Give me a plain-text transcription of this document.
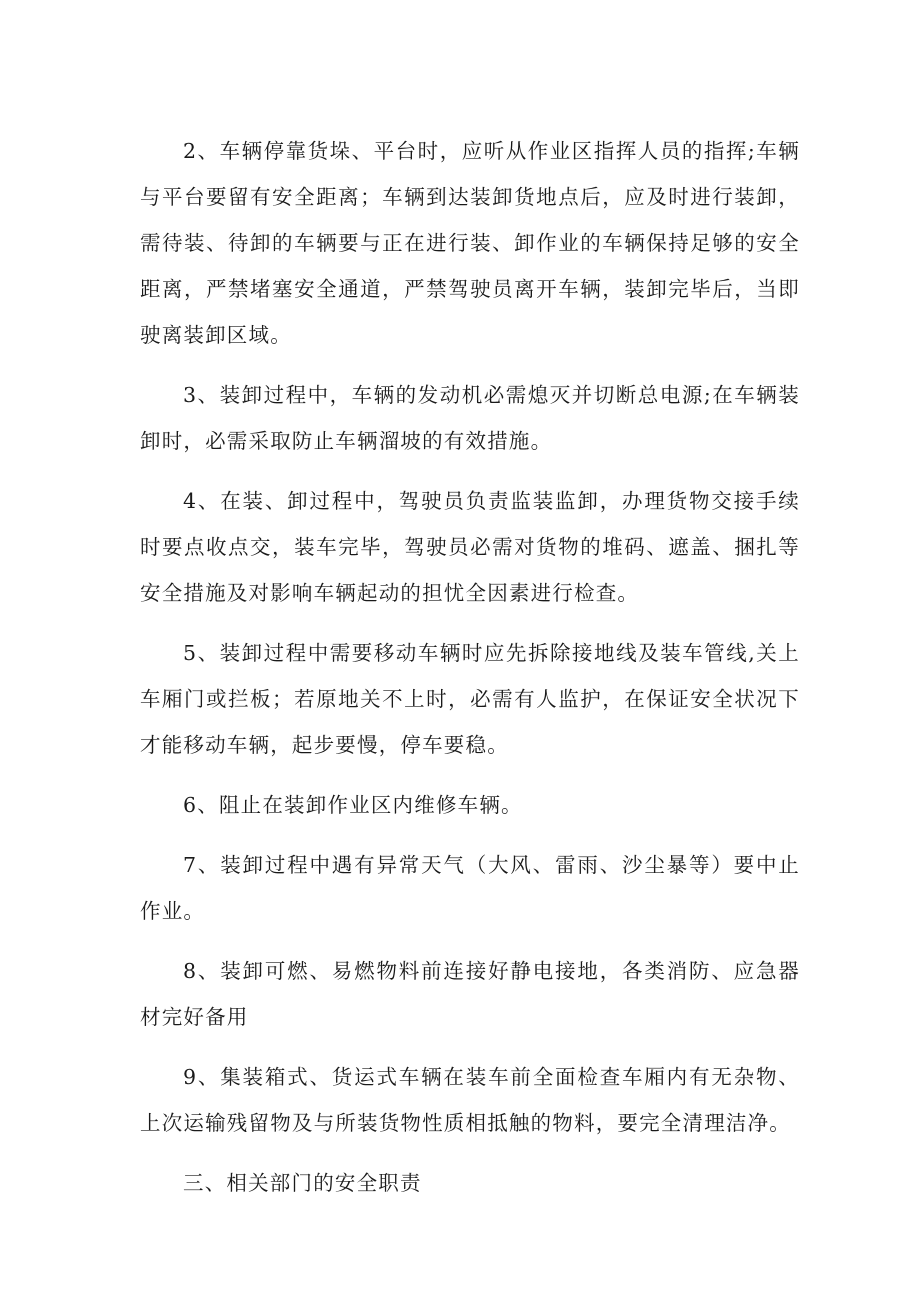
2、车辆停靠货垛、平台时，应听从作业区指挥人员的指挥;车辆与平台要留有安全距离；车辆到达装卸货地点后，应及时进行装卸，需待装、待卸的车辆要与正在进行装、卸作业的车辆保持足够的安全距离，严禁堵塞安全通道，严禁驾驶员离开车辆，装卸完毕后，当即驶离装卸区域。

3、装卸过程中，车辆的发动机必需熄灭并切断总电源;在车辆装卸时，必需采取防止车辆溜坡的有效措施。

4、在装、卸过程中，驾驶员负责监装监卸，办理货物交接手续时要点收点交，装车完毕，驾驶员必需对货物的堆码、遮盖、捆扎等安全措施及对影响车辆起动的担忧全因素进行检查。

5、装卸过程中需要移动车辆时应先拆除接地线及装车管线,关上车厢门或拦板；若原地关不上时，必需有人监护，在保证安全状况下才能移动车辆，起步要慢，停车要稳。

6、阻止在装卸作业区内维修车辆。

7、装卸过程中遇有异常天气（大风、雷雨、沙尘暴等）要中止作业。

8、装卸可燃、易燃物料前连接好静电接地，各类消防、应急器材完好备用

9、集装箱式、货运式车辆在装车前全面检查车厢内有无杂物、上次运输残留物及与所装货物性质相抵触的物料，要完全清理洁净。

三、相关部门的安全职责
